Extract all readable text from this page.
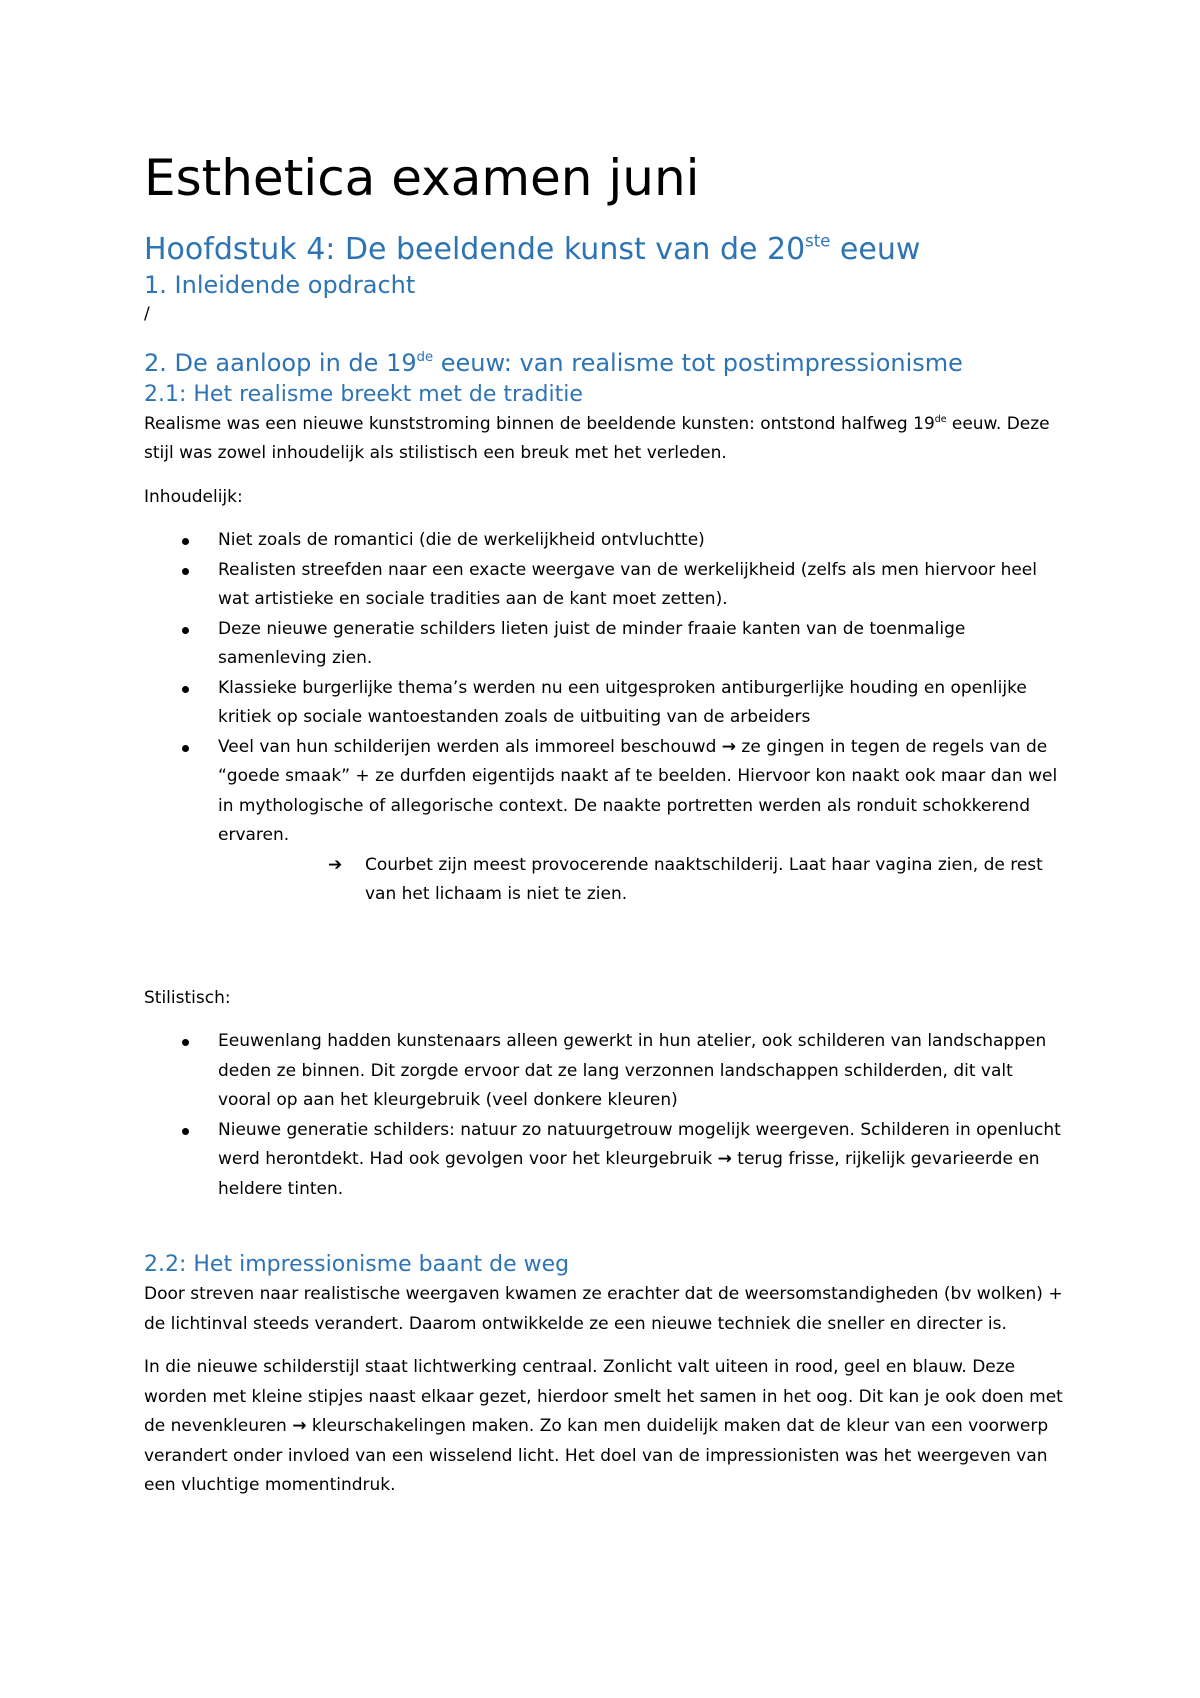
Esthetica examen juni
Hoofdstuk 4: De beeldende kunst van de 20ste eeuw
1. Inleidende opdracht

/

2. De aanloop in de 19de eeuw: van realisme tot postimpressionisme
2.1: Het realisme breekt met de traditie

Realisme was een nieuwe kunststroming binnen de beeldende kunsten: ontstond halfweg 19de eeuw. Deze stijl was zowel inhoudelijk als stilistisch een breuk met het verleden.

Inhoudelijk:

Niet zoals de romantici (die de werkelijkheid ontvluchtte)
Realisten streefden naar een exacte weergave van de werkelijkheid (zelfs als men hiervoor heel wat artistieke en sociale tradities aan de kant moet zetten).
Deze nieuwe generatie schilders lieten juist de minder fraaie kanten van de toenmalige samenleving zien.
Klassieke burgerlijke thema’s werden nu een uitgesproken antiburgerlijke houding en openlijke kritiek op sociale wantoestanden zoals de uitbuiting van de arbeiders
Veel van hun schilderijen werden als immoreel beschouwd → ze gingen in tegen de regels van de “goede smaak” + ze durfden eigentijds naakt af te beelden. Hiervoor kon naakt ook maar dan wel in mythologische of allegorische context. De naakte portretten werden als ronduit schokkerend ervaren.
➔ Courbet zijn meest provocerende naaktschilderij. Laat haar vagina zien, de rest van het lichaam is niet te zien.

Stilistisch:

Eeuwenlang hadden kunstenaars alleen gewerkt in hun atelier, ook schilderen van landschappen deden ze binnen. Dit zorgde ervoor dat ze lang verzonnen landschappen schilderden, dit valt vooral op aan het kleurgebruik (veel donkere kleuren)
Nieuwe generatie schilders: natuur zo natuurgetrouw mogelijk weergeven. Schilderen in openlucht werd herontdekt. Had ook gevolgen voor het kleurgebruik → terug frisse, rijkelijk gevarieerde en heldere tinten.
2.2: Het impressionisme baant de weg

Door streven naar realistische weergaven kwamen ze erachter dat de weersomstandigheden (bv wolken) + de lichtinval steeds verandert. Daarom ontwikkelde ze een nieuwe techniek die sneller en directer is.

In die nieuwe schilderstijl staat lichtwerking centraal. Zonlicht valt uiteen in rood, geel en blauw. Deze worden met kleine stipjes naast elkaar gezet, hierdoor smelt het samen in het oog. Dit kan je ook doen met de nevenkleuren → kleurschakelingen maken. Zo kan men duidelijk maken dat de kleur van een voorwerp verandert onder invloed van een wisselend licht. Het doel van de impressionisten was het weergeven van een vluchtige momentindruk.
